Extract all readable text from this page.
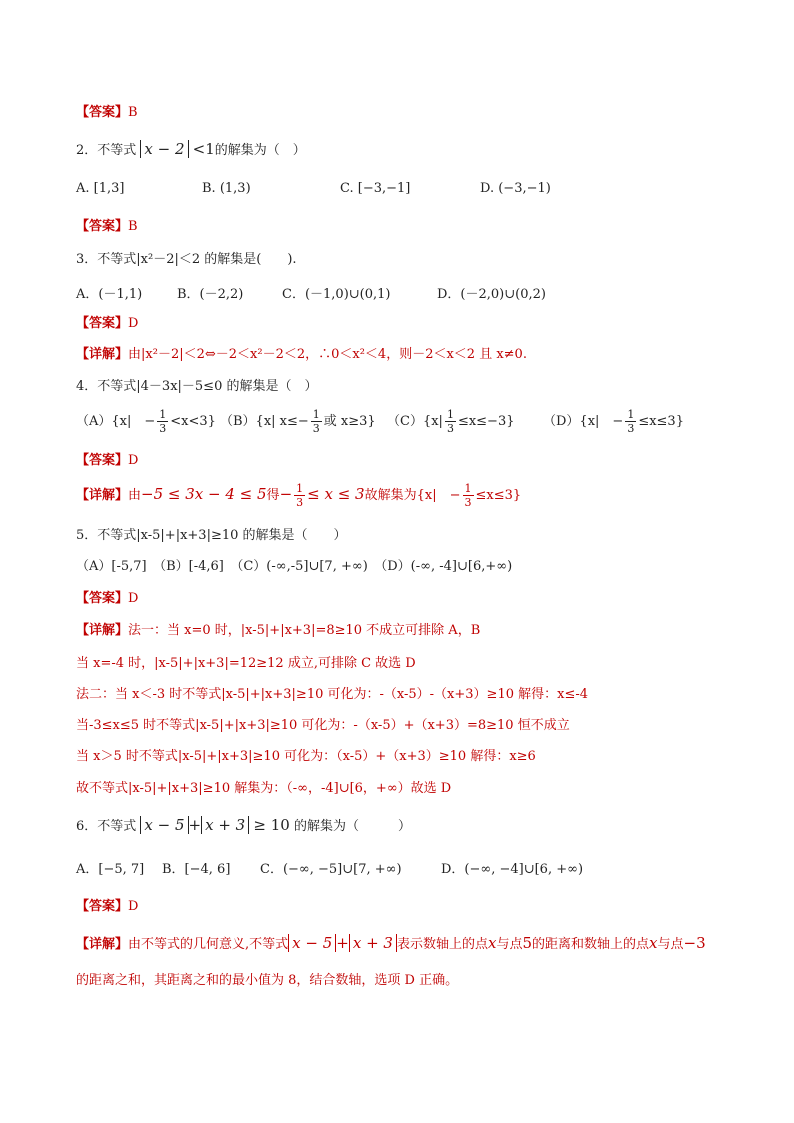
【答案】B
2．不等式 x − 2 <1的解集为（　）
A. [1,3]	B. (1,3)	C. [−3,−1]	D. (−3,−1)
【答案】B
3．不等式|x²－2|＜2 的解集是(　　).
A．(－1,1)	B．(－2,2)	C．(－1,0)∪(0,1)	D．(－2,0)∪(0,2)
【答案】D
【详解】由|x²－2|＜2⇔－2＜x²－2＜2，∴0＜x²＜4，则－2＜x＜2 且 x≠0.
4．不等式|4－3x|－5≤0 的解集是（　）
（A）{x|　− $\frac{1}{3} <x<3$} （B）{x| $x\le- \frac{1}{3}$ 或 x≥3} $(C)\{x| \frac{1}{3} \le x\le-3\}$ （D）{x|　− $\frac{1}{3} \le x\le 3$}
【答案】D
【详解】由−5 ≤ 3x − 4 ≤ 5得− $\frac{1}{3} \le x \le 3$故解集为{x|　− $\frac{1}{3} \le x\le 3$}
5．不等式|x-5|+|x+3|≥10 的解集是（　　）
（A）[-5,7]　（B）[-4,6]　（C）(-∞,-5]∪[7, +∞)　（D）(-∞, -4]∪[6,+∞)
【答案】D
【详解】法一：当 x=0 时，|x-5|+|x+3|=8≥10 不成立可排除 A，B
当 x=-4 时，|x-5|+|x+3|=12≥12 成立,可排除 C 故选 D
法二：当 x＜-3 时不等式|x-5|+|x+3|≥10 可化为：-（x-5）-（x+3）≥10 解得：x≤-4
当-3≤x≤5 时不等式|x-5|+|x+3|≥10 可化为：-（x-5）+（x+3）=8≥10 恒不成立
当 x＞5 时不等式|x-5|+|x+3|≥10 可化为：（x-5）+（x+3）≥10 解得：x≥6
故不等式|x-5|+|x+3|≥10 解集为：（-∞，-4]∪[6，+∞）故选 D
6．不等式 x − 5 + x + 3 ≥ 10 的解集为（　　　）
A．[−5, 7] B．[−4, 6] C．(−∞, −5]∪[7, +∞)	D．(−∞, −4]∪[6, +∞)
【答案】D
【详解】由不等式的几何意义,不等式 x − 5 + x + 3 表示数轴上的点x与点5的距离和数轴上的点x与点−3
的距离之和，其距离之和的最小值为 8，结合数轴，选项 D 正确。
